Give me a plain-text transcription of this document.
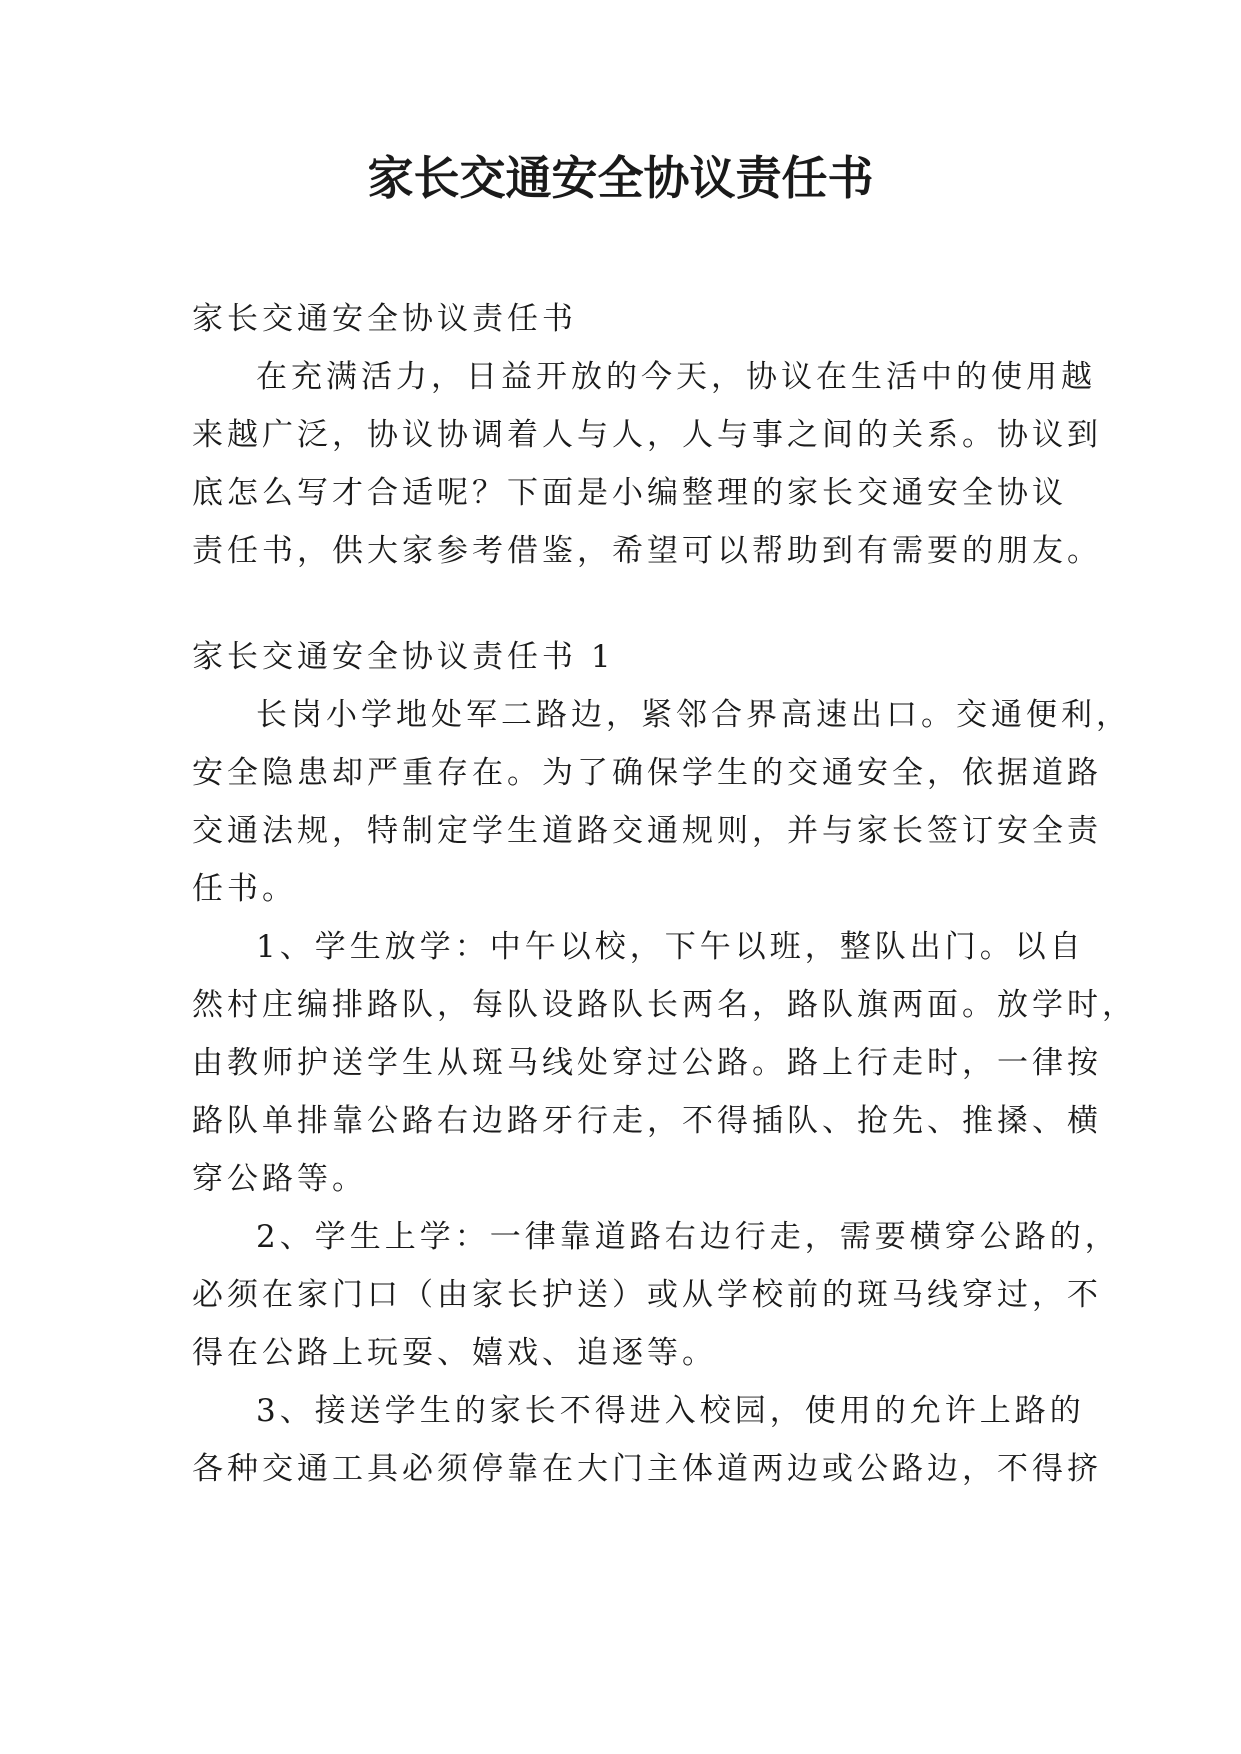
家长交通安全协议责任书

家长交通安全协议责任书

在充满活力，日益开放的今天，协议在生活中的使用越

来越广泛，协议协调着人与人，人与事之间的关系。协议到

底怎么写才合适呢？下面是小编整理的家长交通安全协议

责任书，供大家参考借鉴，希望可以帮助到有需要的朋友。

家长交通安全协议责任书 1

长岗小学地处军二路边，紧邻合界高速出口。交通便利，

安全隐患却严重存在。为了确保学生的交通安全，依据道路

交通法规，特制定学生道路交通规则，并与家长签订安全责

任书。

1、学生放学：中午以校，下午以班，整队出门。以自

然村庄编排路队，每队设路队长两名，路队旗两面。放学时，

由教师护送学生从斑马线处穿过公路。路上行走时，一律按

路队单排靠公路右边路牙行走，不得插队、抢先、推搡、横

穿公路等。

2、学生上学：一律靠道路右边行走，需要横穿公路的，

必须在家门口（由家长护送）或从学校前的斑马线穿过，不

得在公路上玩耍、嬉戏、追逐等。

3、接送学生的家长不得进入校园，使用的允许上路的

各种交通工具必须停靠在大门主体道两边或公路边，不得挤
